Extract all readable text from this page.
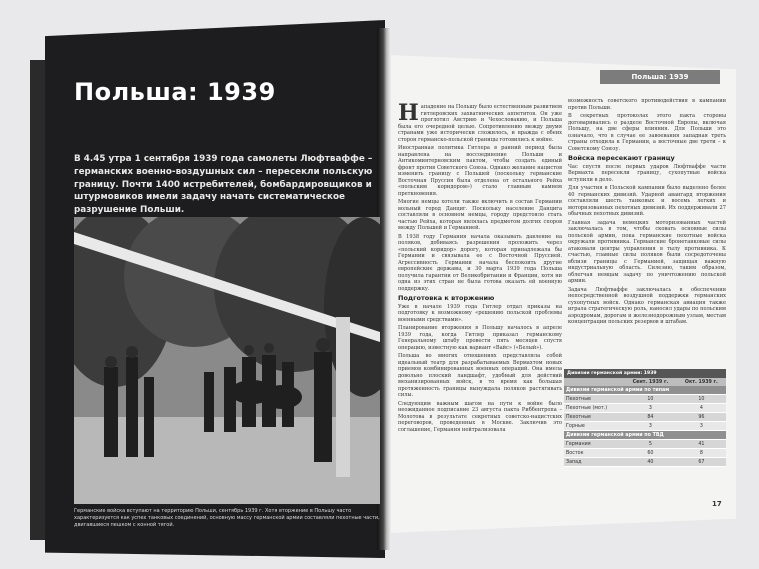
Польша: 1939
В 4.45 утра 1 сентября 1939 года самолеты Люфтваффе – германских военно-воздушных сил – пересекли польскую границу. Почти 1400 истребителей, бомбардировщиков и штурмовиков имели задачу начать систематическое разрушение Польши.
Германские войска вступают на территорию Польши, сентябрь 1939 г. Хотя вторжение в Польшу часто характеризуется как успех танковых соединений, основную массу германской армии составляли пехотные части, двигавшиеся пешком с конной тягой.
Польша: 1939

Нападение на Польшу было естественным развитием гитлеровских захватнических аппетитов. Он уже проглотил Австрию и Чехословакию, и Польша была его очередной целью. Сопротивлению между двумя странами уже исторически сложилось, и вражда с обеих сторон германско-польской границы готовились к войне.

Иностранная политика Гитлера в ранний период была направлена на воссоединение Польши и Антикоминтерновским пактом, чтобы создать единый фронт против Советского Союза. Однако желание нацистов изменить границу с Польшей (поскольку германские Восточная Пруссия была отделена от остального Рейха «польским коридором») стало главным камнем преткновения.

Многие немцы хотели также включить в состав Германии вольный город Данциг. Поскольку население Данцига составляли в основном немцы, городу предстояло стать частью Рейха, которая являлась предметом долгих споров между Польшей и Германией.

В 1938 году Германия начала оказывать давление на поляков, добиваясь разрешения проложить через «польский коридор» дорогу, которая принадлежала бы Германии и связывала ее с Восточной Пруссией. Агрессивность Германии начала беспокоить другие европейские державы, и 30 марта 1939 года Польша получила гарантии от Великобритании и Франции, хотя ни одна из этих стран не была готова оказать ей военную поддержку.

Подготовка к вторжению

Уже в начале 1939 года Гитлер отдал приказы на подготовку к возможному «решению польской проблемы военными средствами».

Планирование вторжения в Польшу началось в апреле 1939 года, когда Гитлер приказал германскому Генеральному штабу провести пять месяцев спустя операцию, известную как вариант «Вайс» («Белый»).

Польша во многих отношениях представляла собой идеальный театр для разрабатываемых Вермахтом новых приемов комбинированных военных операций. Она имела довольно плоский ландшафт, удобный для действий механизированных войск, в то время как большая протяженность границы вынуждала поляков растягивать силы.

Следующим важным шагом на пути к войне было неожиданное подписание 23 августа пакта Риббентропа – Молотова в результате секретных советско-нацистских переговоров, проведенных в Москве. Заключив это соглашение, Германия нейтрализовала

возможность советского противодействия в кампании против Польши.

В секретных протоколах этого пакта стороны договаривались о разделе Восточной Европы, включая Польшу, на две сферы влияния. Для Польши это означало, что в случае ее завоевания западная треть страны отходила к Германии, а восточные две трети – к Советскому Союзу.

Войска пересекают границу

Час спустя после первых ударов Люфтваффе части Вермахта пересекли границу, сухопутные войска вступили в дело.

Для участия в Польской кампании было выделено более 40 германских дивизий. Ударной авангард вторжения составляли шесть танковых и восемь легких и моторизованных пехотных дивизий. Их поддерживали 27 обычных пехотных дивизий.

Главная задача немецких моторизованных частей заключалась в том, чтобы сковать основные силы польской армии, пока германские пехотные войска окружали противника. Германские бронетанковые силы атаковали центры управления в тылу противника. К счастью, главные силы поляков были сосредоточены вблизи границы с Германией, защищая важную индустриальную область. Силезию, таким образом, облегчая немцам задачу по уничтожению польской армии.

Задача Люфтваффе заключалась в обеспечении непосредственной воздушной поддержки германских сухопутных войск. Однако германская авиация также играла стратегическую роль, наносил удары по польским аэродромам, дорогам и железнодорожным узлам, местам концентрации польских резервов и штабам.

Дивизии германской армии: 1939
	Сент. 1939 г.	Окт. 1939 г.
Дивизии германской армии по типам		
Пехотные	10	10
Пехотные (мот.)	3	4
Пехотные	84	96
Горные	3	3
Дивизии германской армии по ТВД		
Германия	5	41
Восток	60	8
Запад	40	67
17
